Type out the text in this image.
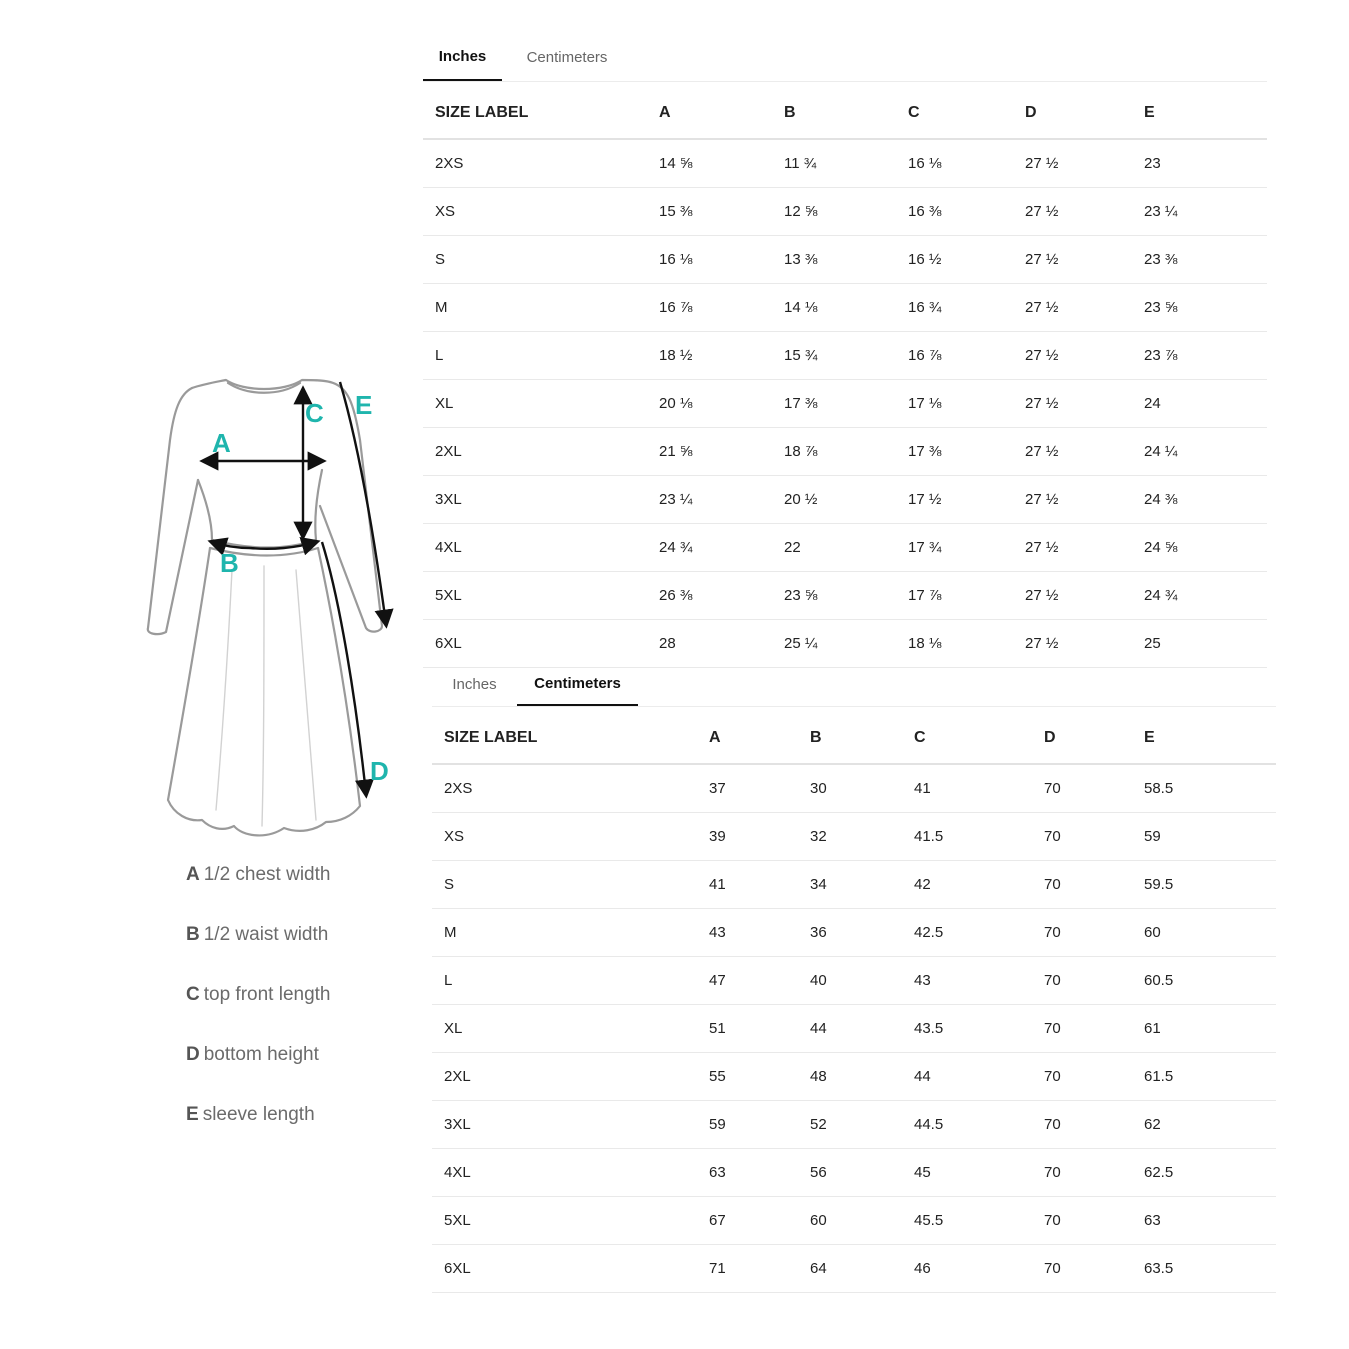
A
B
C
D
E
A 1/2 chest width
B 1/2 waist width
C top front length
D bottom height
E sleeve length
Inches	Centimeters
SIZE LABEL	A	B	C	D	E
2XS	14 ⅝	11 ¾	16 ⅛	27 ½	23
XS	15 ⅜	12 ⅝	16 ⅜	27 ½	23 ¼
S	16 ⅛	13 ⅜	16 ½	27 ½	23 ⅜
M	16 ⅞	14 ⅛	16 ¾	27 ½	23 ⅝
L	18 ½	15 ¾	16 ⅞	27 ½	23 ⅞
XL	20 ⅛	17 ⅜	17 ⅛	27 ½	24
2XL	21 ⅝	18 ⅞	17 ⅜	27 ½	24 ¼
3XL	23 ¼	20 ½	17 ½	27 ½	24 ⅜
4XL	24 ¾	22	17 ¾	27 ½	24 ⅝
5XL	26 ⅜	23 ⅝	17 ⅞	27 ½	24 ¾
6XL	28	25 ¼	18 ⅛	27 ½	25
Inches	Centimeters
SIZE LABEL	A	B	C	D	E
2XS	37	30	41	70	58.5
XS	39	32	41.5	70	59
S	41	34	42	70	59.5
M	43	36	42.5	70	60
L	47	40	43	70	60.5
XL	51	44	43.5	70	61
2XL	55	48	44	70	61.5
3XL	59	52	44.5	70	62
4XL	63	56	45	70	62.5
5XL	67	60	45.5	70	63
6XL	71	64	46	70	63.5
